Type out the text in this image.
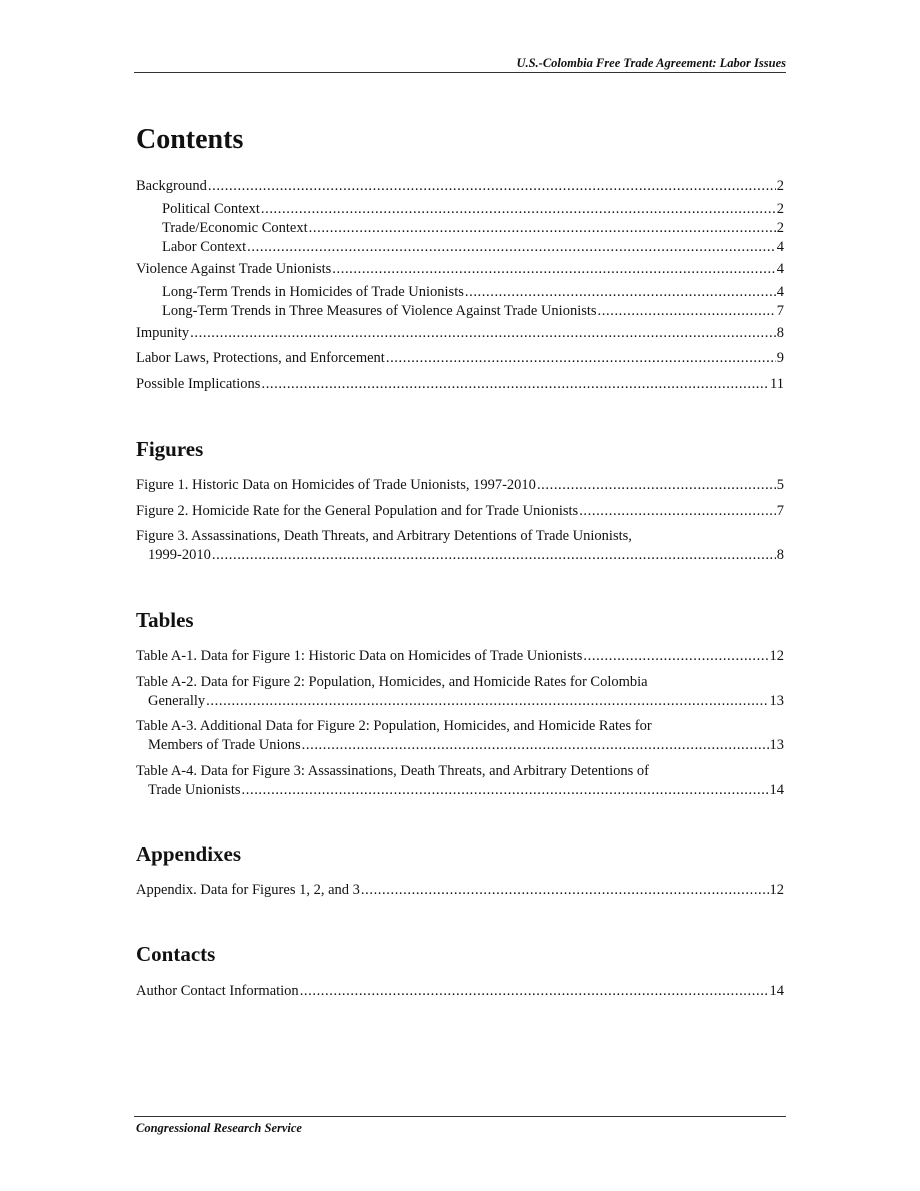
U.S.-Colombia Free Trade Agreement: Labor Issues
Contents
Background .....	2
Political Context .....	2
Trade/Economic Context .....	2
Labor Context .....	4
Violence Against Trade Unionists .....	4
Long-Term Trends in Homicides of Trade Unionists .....	4
Long-Term Trends in Three Measures of Violence Against Trade Unionists .....	7
Impunity .....	8
Labor Laws, Protections, and Enforcement .....	9
Possible Implications .....	11
Figures
Figure 1. Historic Data on Homicides of Trade Unionists, 1997-2010 .....	5
Figure 2. Homicide Rate for the General Population and for Trade Unionists .....	7
Figure 3. Assassinations, Death Threats, and Arbitrary Detentions of Trade Unionists,
1999-2010 .....	8
Tables
Table A-1. Data for Figure 1: Historic Data on Homicides of Trade Unionists .....	12
Table A-2. Data for Figure 2: Population, Homicides, and Homicide Rates for Colombia
Generally .....	13
Table A-3. Additional Data for Figure 2: Population, Homicides, and Homicide Rates for
Members of Trade Unions .....	13
Table A-4. Data for Figure 3: Assassinations, Death Threats, and Arbitrary Detentions of
Trade Unionists .....	14
Appendixes
Appendix. Data for Figures 1, 2, and 3 .....	12
Contacts
Author Contact Information .....	14
Congressional Research Service
